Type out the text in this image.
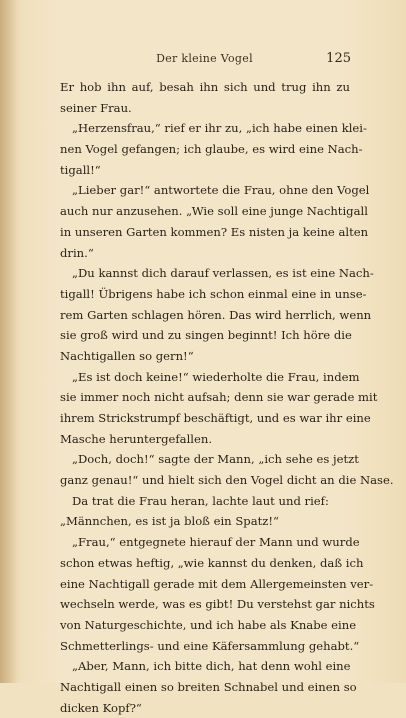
Der kleine Vogel	125
Er hob ihn auf, besah ihn sich und trug ihn zu
seiner Frau.
„Herzensfrau,“ rief er ihr zu, „ich habe einen klei-
nen Vogel gefangen; ich glaube, es wird eine Nach-
tigall!“
„Lieber gar!“ antwortete die Frau, ohne den Vogel
auch nur anzusehen. „Wie soll eine junge Nachtigall
in unseren Garten kommen? Es nisten ja keine alten
drin.“
„Du kannst dich darauf verlassen, es ist eine Nach-
tigall! Übrigens habe ich schon einmal eine in unse-
rem Garten schlagen hören. Das wird herrlich, wenn
sie groß wird und zu singen beginnt! Ich höre die
Nachtigallen so gern!“
„Es ist doch keine!“ wiederholte die Frau, indem
sie immer noch nicht aufsah; denn sie war gerade mit
ihrem Strickstrumpf beschäftigt, und es war ihr eine
Masche heruntergefallen.
„Doch, doch!“ sagte der Mann, „ich sehe es jetzt
ganz genau!“ und hielt sich den Vogel dicht an die Nase.
Da trat die Frau heran, lachte laut und rief:
„Männchen, es ist ja bloß ein Spatz!“
„Frau,“ entgegnete hierauf der Mann und wurde
schon etwas heftig, „wie kannst du denken, daß ich
eine Nachtigall gerade mit dem Allergemeinsten ver-
wechseln werde, was es gibt! Du verstehst gar nichts
von Naturgeschichte, und ich habe als Knabe eine
Schmetterlings- und eine Käfersammlung gehabt.“
„Aber, Mann, ich bitte dich, hat denn wohl eine
Nachtigall einen so breiten Schnabel und einen so
dicken Kopf?“
